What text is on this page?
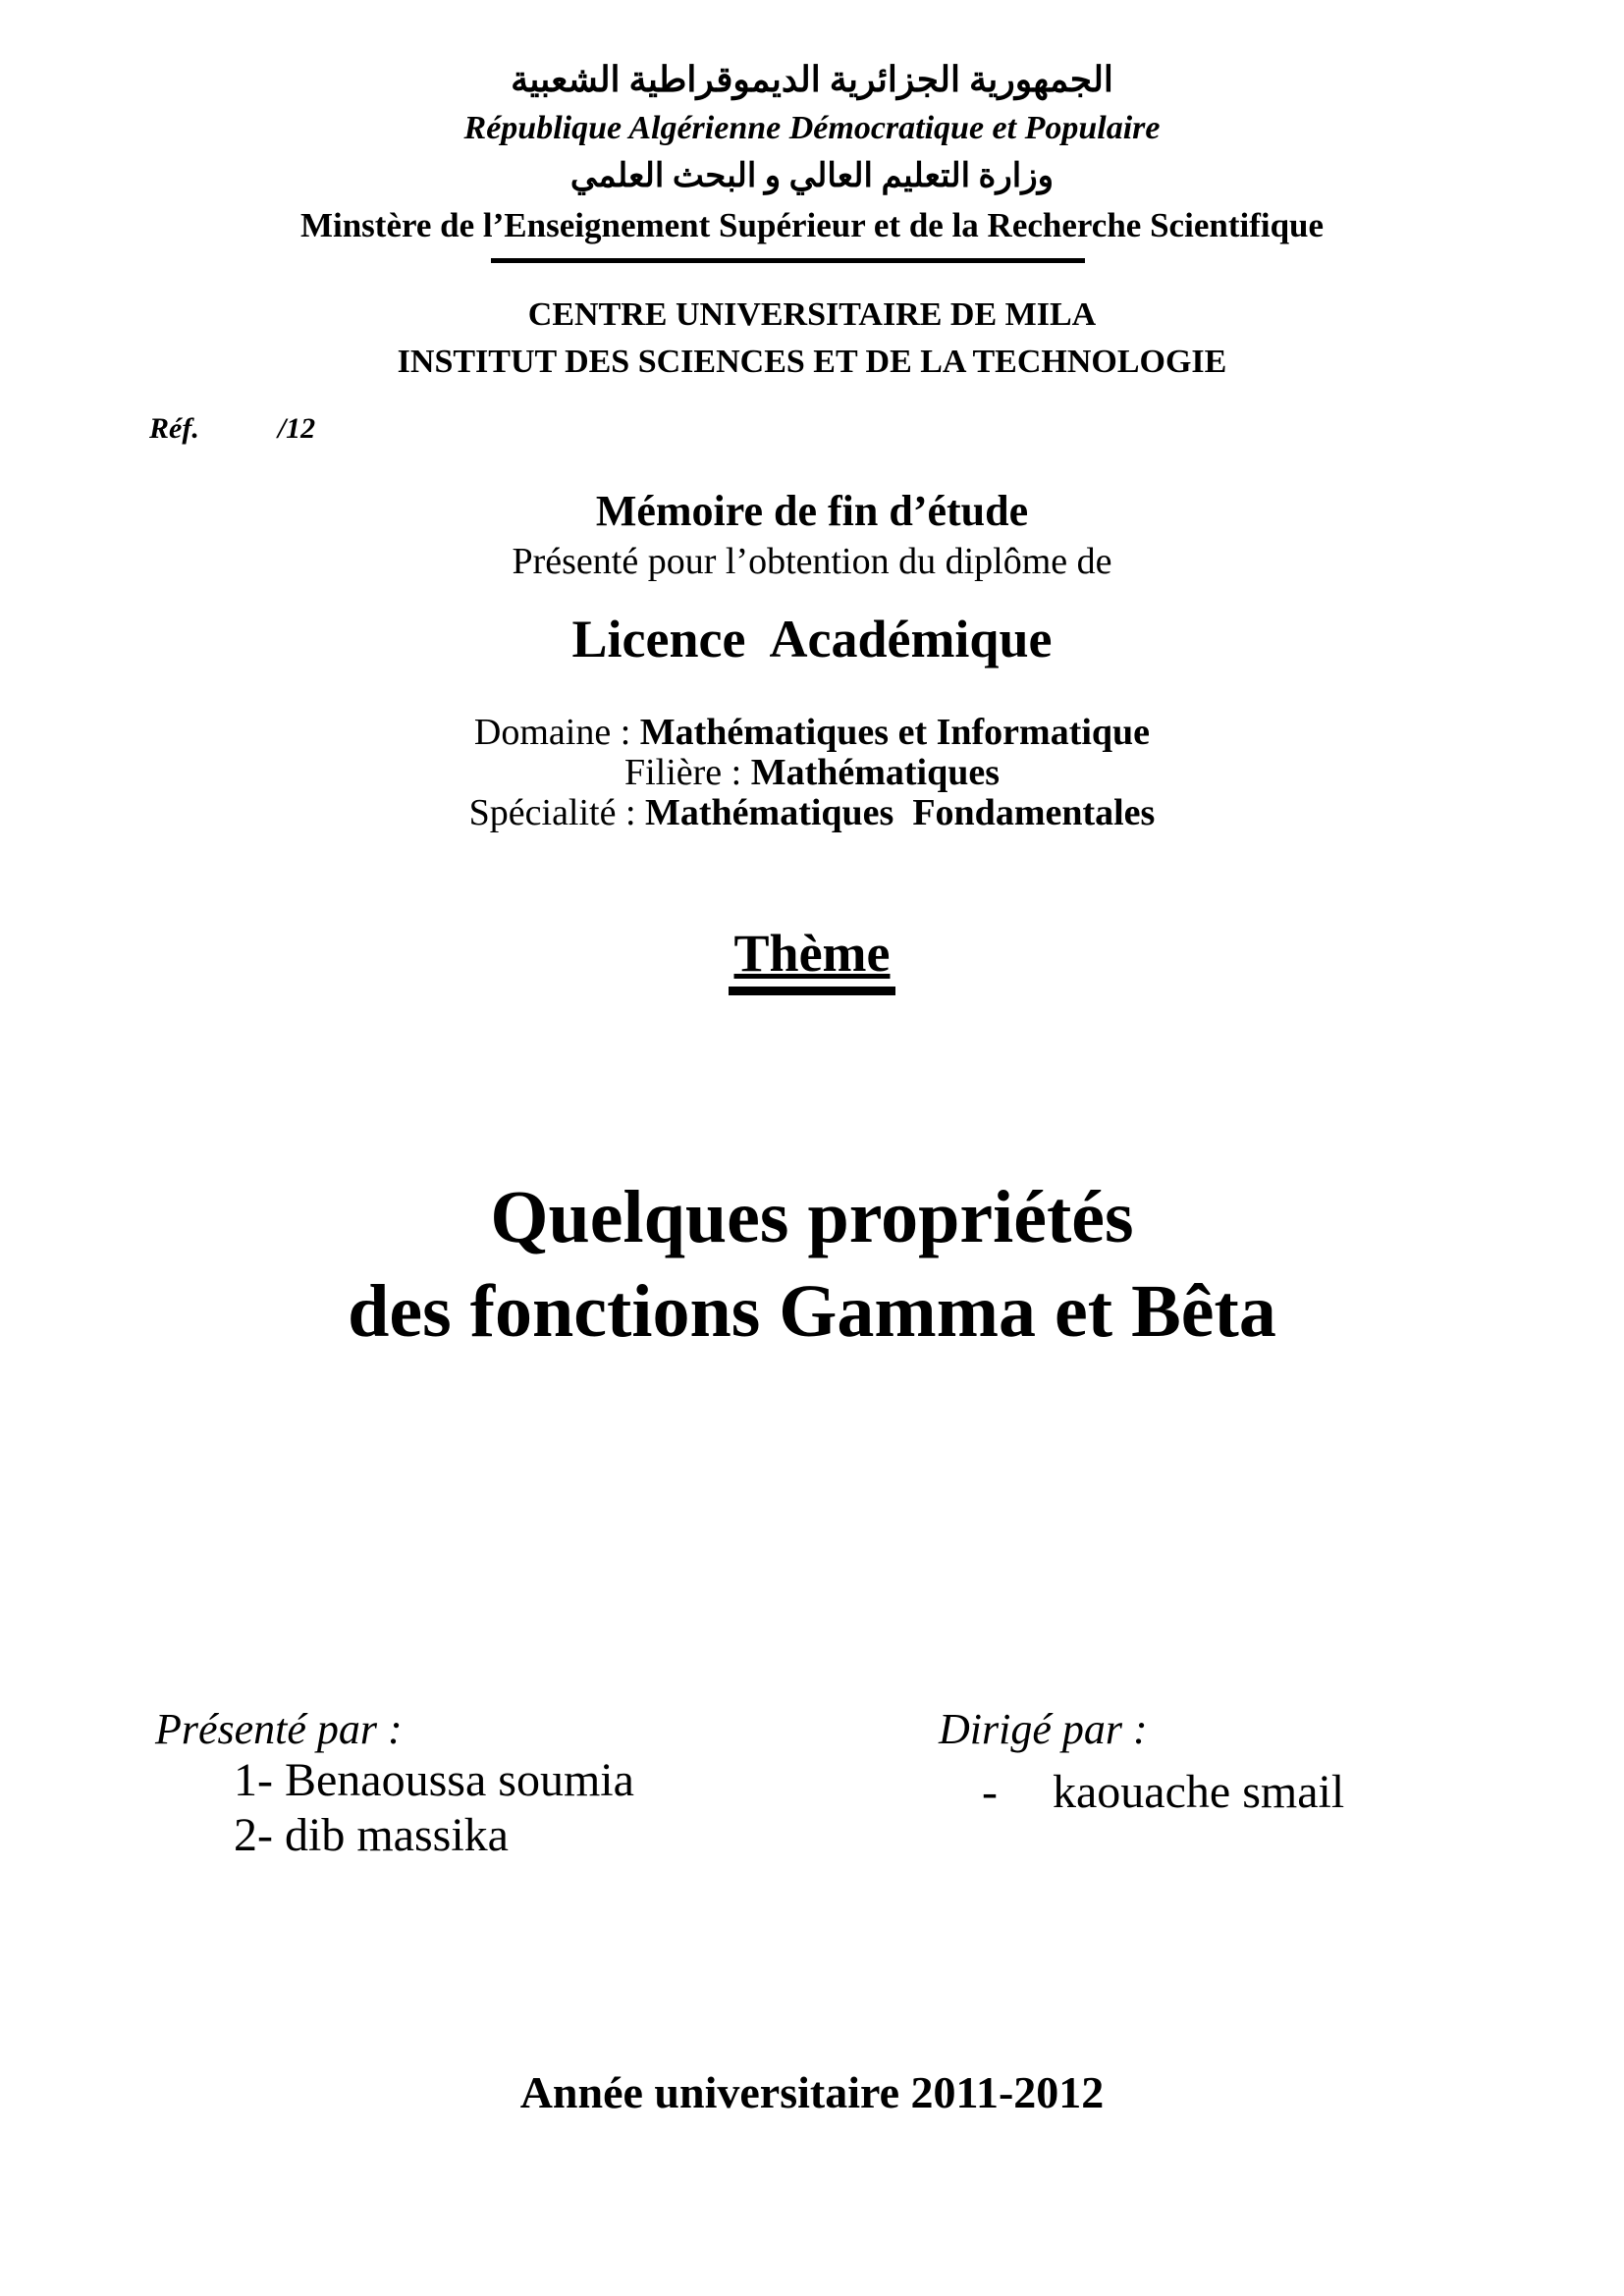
الجمهورية الجزائرية الديموقراطية الشعبية
République Algérienne Démocratique et Populaire
وزارة التعليم العالي و البحث العلمي
Minstère de l’Enseignement Supérieur et de la Recherche Scientifique
CENTRE UNIVERSITAIRE DE MILA
INSTITUT DES SCIENCES ET DE LA TECHNOLOGIE
Réf.	/12
Mémoire de fin d’étude
Présenté pour l’obtention du diplôme de
Licence  Académique
Domaine : Mathématiques et Informatique
Filière : Mathématiques
Spécialité : Mathématiques  Fondamentales
Thème
Quelques propriétés
des fonctions Gamma et Bêta
Présenté par :
1- Benaoussa soumia
2- dib massika
Dirigé par :
- kaouache smail
Année universitaire 2011-2012
